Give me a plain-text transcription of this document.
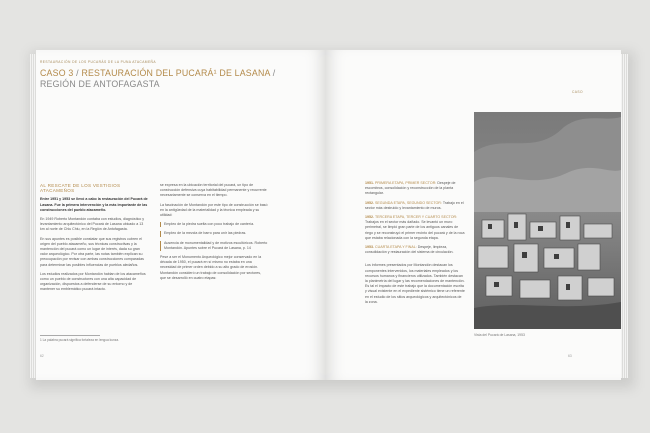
RESTAURACIÓN DE LOS PUCARÁS DE LA PUNA ATACAMEÑA
CASO 3 / RESTAURACIÓN DEL PUCARÁ¹ DE LASANA /
REGIÓN DE ANTOFAGASTA
AL RESCATE DE LOS VESTIGIOS ATACAMEÑOS

Entre 1951 y 1953 se llevó a cabo la restauración del Pucará de Lasana. Fue la primera intervención y la más importante de las construcciones del pueblo atacameño.

En 1949 Roberto Montandón contaba con estudios, diagnóstico y levantamiento arquitectónico del Pucará de Lasana ubicado a 13 km al norte de Chiu Chiu, en la Región de Antofagasta.

En sus apuntes es posible constatar que sus registros cubren el origen del pueblo atacameño, sus técnicas constructivas y la mantención del pucará como un lugar de interés, dada su gran valor arqueológico. Por otra parte, las notas también explican su preocupación por revisar con ambas construcciones comparadas para determinar las posibles influencias de pueblos aledaños.

Los estudios realizados por Montandón hablan de los atacameños como un pueblo de constructores con una alta capacidad de organización, dispuestos a defenderse de su entorno y de mantener su emblemático pucará intacto.

se expresa en la ubicación territorial del pucará, un tipo de construcción defensiva cuya habitabilidad permanente y recurrente necesariamente se conserva en el tiempo.

La fascinación de Montandón por este tipo de construcción se basó en la antigüedad de la materialidad y la técnica empleada y su utilidad:

Empleo de la piedra suelta con poco trabajo de cantería.

Empleo de la mezcla de barro para unir las piedras.

Ausencia de monumentalidad y de motivos escultóricos. Roberto Montandón. Apuntes sobre el Pucará de Lasana, p. 14

Pese a ser el Monumento Arqueológico mejor conservado en la década de 1950, el pucará en sí mismo no estaba en una necesidad de primer orden debido a su alto grado de erosión. Montandón consideró un trabajo de consolidación por sectores, que se desarrolló en cuatro etapas:

1 La palabra pucará significa fortaleza en lengua kunza.
62
CASO

1951. PRIMERA ETAPA, PRIMER SECTOR: Despeje de escombros, consolidación y reconstrucción de la planta rectangular.

1952. SEGUNDA ETAPA, SEGUNDO SECTOR: Trabajo en el sector más destruido y levantamiento de muros.

1952. TERCERA ETAPA, TERCER Y CUARTO SECTOR: Trabajos en el sector más dañado. Se levantó un muro perimetral, se limpió gran parte de los antiguos canales de riego y se reconstruyó el primer recinto del pucará y de la roca que estaba relacionada con la segunda etapa.

1953. CUARTA ETAPA Y FINAL: Despeje, limpieza, consolidación y restauración del sistema de circulación.

Los informes presentados por Montandón destacan los componentes intervenidos, los materiales empleados y los recursos humanos y financieros utilizados. También destacan la planimetría del lugar y las recomendaciones de mantención. Es tal el impacto de este trabajo que la documentación escrita y visual existente en el expediente sistémico tiene un referente en el estudio de los sitios arqueológicos y arquitectónicos de la zona.

Vista del Pucará de Lasana, 1953
63
